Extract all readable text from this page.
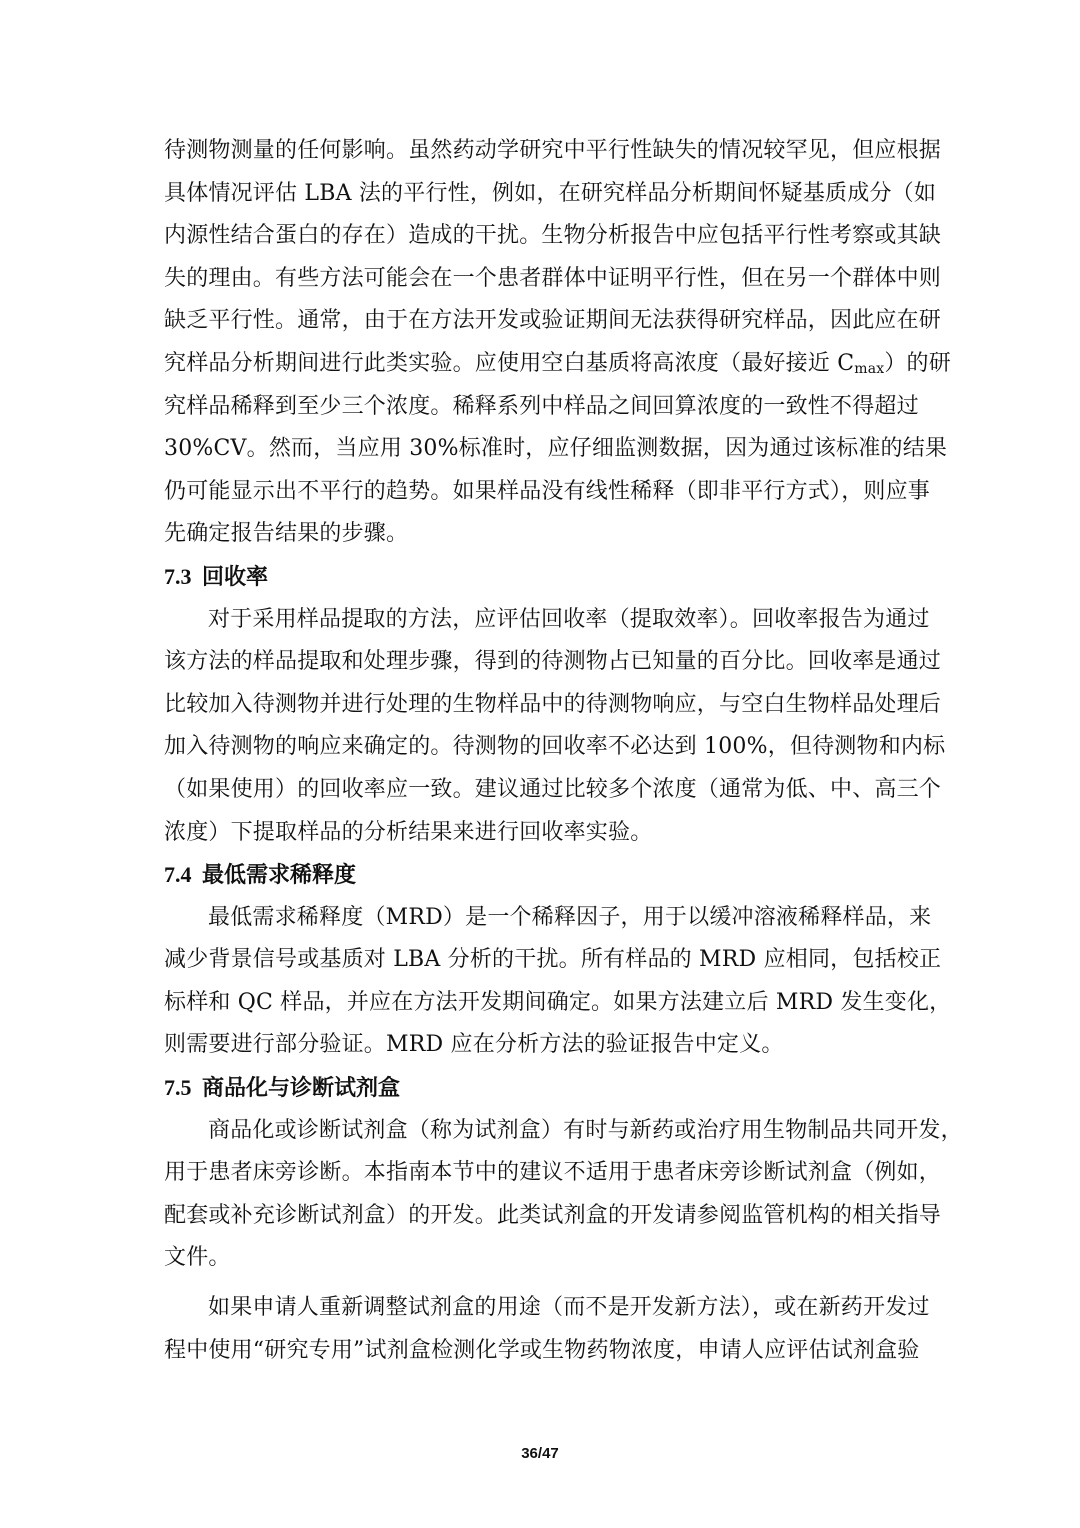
待测物测量的任何影响。虽然药动学研究中平行性缺失的情况较罕见，但应根据
具体情况评估 LBA 法的平行性，例如，在研究样品分析期间怀疑基质成分（如
内源性结合蛋白的存在）造成的干扰。生物分析报告中应包括平行性考察或其缺
失的理由。有些方法可能会在一个患者群体中证明平行性，但在另一个群体中则
缺乏平行性。通常，由于在方法开发或验证期间无法获得研究样品，因此应在研
究样品分析期间进行此类实验。应使用空白基质将高浓度（最好接近 $C_{max}$）的研
究样品稀释到至少三个浓度。稀释系列中样品之间回算浓度的一致性不得超过
30%CV。然而，当应用 30%标准时，应仔细监测数据，因为通过该标准的结果
仍可能显示出不平行的趋势。如果样品没有线性稀释（即非平行方式），则应事
先确定报告结果的步骤。
7.3 回收率
对于采用样品提取的方法，应评估回收率（提取效率）。回收率报告为通过
该方法的样品提取和处理步骤，得到的待测物占已知量的百分比。回收率是通过
比较加入待测物并进行处理的生物样品中的待测物响应，与空白生物样品处理后
加入待测物的响应来确定的。待测物的回收率不必达到 100%，但待测物和内标
（如果使用）的回收率应一致。建议通过比较多个浓度（通常为低、中、高三个
浓度）下提取样品的分析结果来进行回收率实验。
7.4 最低需求稀释度
最低需求稀释度（MRD）是一个稀释因子，用于以缓冲溶液稀释样品，来
减少背景信号或基质对 LBA 分析的干扰。所有样品的 MRD 应相同，包括校正
标样和 QC 样品，并应在方法开发期间确定。如果方法建立后 MRD 发生变化，
则需要进行部分验证。MRD 应在分析方法的验证报告中定义。
7.5 商品化与诊断试剂盒
商品化或诊断试剂盒（称为试剂盒）有时与新药或治疗用生物制品共同开发，
用于患者床旁诊断。本指南本节中的建议不适用于患者床旁诊断试剂盒（例如，
配套或补充诊断试剂盒）的开发。此类试剂盒的开发请参阅监管机构的相关指导
文件。
如果申请人重新调整试剂盒的用途（而不是开发新方法），或在新药开发过
程中使用“研究专用”试剂盒检测化学或生物药物浓度，申请人应评估试剂盒验
36/47
